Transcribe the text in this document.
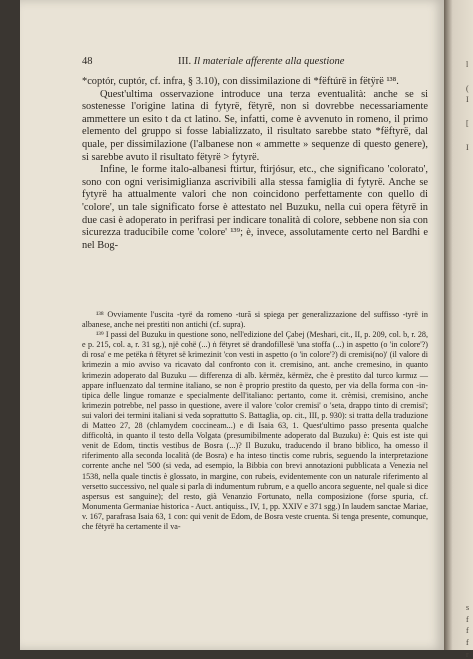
48	III. Il materiale afferente alla questione

*coptór, cuptór, cf. infra, § 3.10), con dissimilazione di *fëftúrë in fëtÿrë ¹³⁸.

Quest'ultima osservazione introduce una terza eventualità: anche se si sostenesse l'origine latina di fytyrë, fëtyrë, non si dovrebbe necessariamente ammettere un esito t da ct latino. Se, infatti, come è avvenuto in romeno, il primo elemento del gruppo si fosse labializzato, il risultato sarebbe stato *fëftyrë, dal quale, per dissimilazione (l'albanese non « ammette » sequenze di questo genere), si sarebbe avuto il risultato fëtyrë > fytyrë.

Infine, le forme italo-albanesi ftirtur, ftirjósur, etc., che significano 'colorato', sono con ogni verisimiglianza ascrivibili alla stessa famiglia di fytyrë. Anche se fytyrë ha attualmente valori che non coincidono perfettamente con quello di 'colore', un tale significato forse è attestato nel Buzuku, nella cui opera fëtyrë in due casi è adoperato in perifrasi per indicare tonalità di colore, sebbene non sia con sicurezza traducibile come 'colore' ¹³⁹; è, invece, assolutamente certo nel Bardhi e nel Bog-

¹³⁸ Ovviamente l'uscita -tyrë da romeno -tură si spiega per generalizzazione del suffisso -tyrë in albanese, anche nei prestiti non antichi (cf. supra).

¹³⁹ I passi del Buzuku in questione sono, nell'edizione del Çabej (Meshari, cit., II, p. 209, col. b, r. 28, e p. 215, col. a, r. 31 sg.), një cohë (...) ṅ fëtyret së drandofillesë 'una stoffa (...) in aspetto (o 'in colore'?) di rosa' e me petëka ṅ fëtyret së krimezinit 'con vesti in aspetto (o 'in colore'?) di cremisi(no)' (il valore di krimezin a mio avviso va ricavato dal confronto con it. cremisino, ant. anche cremesino, in quanto krimezin adoperato dal Buzuku — differenza di alb. kërmëz, kërmëz, che è prestito dal turco kırmız — appare influenzato dal termine italiano, se non è proprio prestito da questo, per via della forma con -in- tipica delle lingue romanze e specialmente dell'italiano: pertanto, come it. crèmisi, cremisino, anche krimezin potrebbe, nel passo in questione, avere il valore 'color cremisi' o 'seta, drappo tinto di cremisi'; sui valori dei termini italiani si veda soprattutto S. Battaglia, op. cit., III, p. 930): si tratta della traduzione di Matteo 27, 28 (chlamydem coccineam...) e di Isaia 63, 1. Quest'ultimo passo presenta qualche difficoltà, in quanto il testo della Volgata (presumibilmente adoperato dal Buzuku) è: Quis est iste qui venit de Edom, tinctis vestibus de Bosra (...)? Il Buzuku, traducendo il brano biblico, ha omesso il riferimento alla seconda località (de Bosra) e ha inteso tinctis come rubris, seguendo la interpretazione corrente anche nel '500 (si veda, ad esempio, la Bibbia con brevi annotazioni pubblicata a Venezia nel 1538, nella quale tinctis è glossato, in margine, con rubeis, evidentemente con un naturale riferimento al versetto successivo, nel quale si parla di indumentum rubrum, e a quello ancora seguente, nel quale si dice aspersus est sanguine); del resto, già Venanzio Fortunato, nella composizione (forse spuria, cf. Monumenta Germaniae historica - Auct. antiquiss., IV, 1, pp. XXIV e 371 sgg.) In laudem sanctae Mariae, v. 167, parafrasa Isaia 63, 1 con: qui venit de Edom, de Bosra veste cruenta. Si tenga presente, comunque, che fëtyrë ha certamente il va-

l
(
I
[
I
s
f
f
f
r
